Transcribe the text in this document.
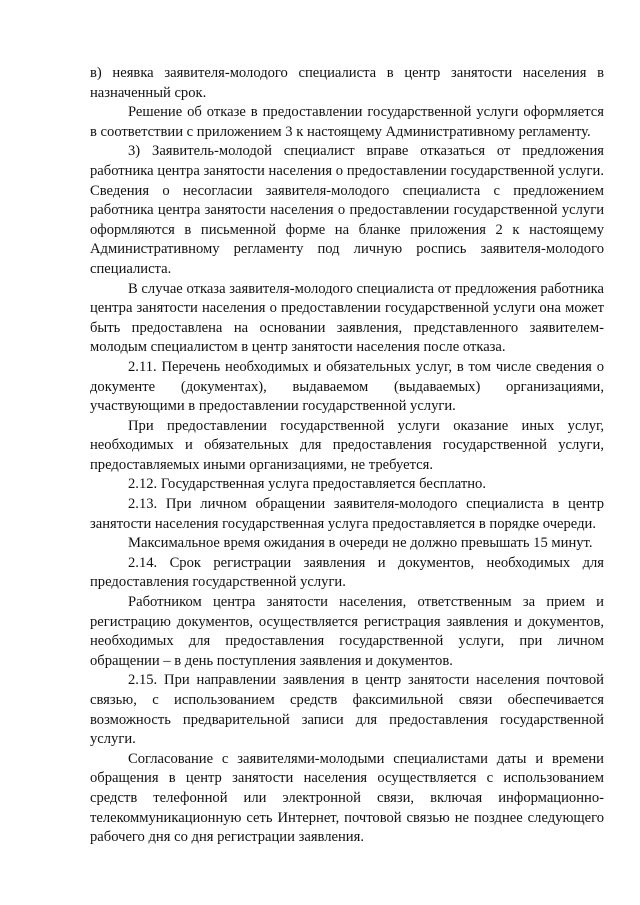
в) неявка заявителя-молодого специалиста в центр занятости населения в назначенный срок.

Решение об отказе в предоставлении государственной услуги оформляется в соответствии с приложением 3 к настоящему Административному регламенту.

3) Заявитель-молодой специалист вправе отказаться от предложения работника центра занятости населения о предоставлении государственной услуги. Сведения о несогласии заявителя-молодого специалиста с предложением работника центра занятости населения о предоставлении государственной услуги оформляются в письменной форме на бланке приложения 2 к настоящему Административному регламенту под личную роспись заявителя-молодого специалиста.

В случае отказа заявителя-молодого специалиста от предложения работника центра занятости населения о предоставлении государственной услуги она может быть предоставлена на основании заявления, представленного заявителем-молодым специалистом в центр занятости населения после отказа.

2.11. Перечень необходимых и обязательных услуг, в том числе сведения о документе (документах), выдаваемом (выдаваемых) организациями, участвующими в предоставлении государственной услуги.

При предоставлении государственной услуги оказание иных услуг, необходимых и обязательных для предоставления государственной услуги, предоставляемых иными организациями, не требуется.

2.12. Государственная услуга предоставляется бесплатно.

2.13. При личном обращении заявителя-молодого специалиста в центр занятости населения государственная услуга предоставляется в порядке очереди.

Максимальное время ожидания в очереди не должно превышать 15 минут.

2.14. Срок регистрации заявления и документов, необходимых для предоставления государственной услуги.

Работником центра занятости населения, ответственным за прием и регистрацию документов, осуществляется регистрация заявления и документов, необходимых для предоставления государственной услуги, при личном обращении – в день поступления заявления и документов.

2.15. При направлении заявления в центр занятости населения почтовой связью, с использованием средств факсимильной связи обеспечивается возможность предварительной записи для предоставления государственной услуги.

Согласование с заявителями-молодыми специалистами даты и времени обращения в центр занятости населения осуществляется с использованием средств телефонной или электронной связи, включая информационно-телекоммуникационную сеть Интернет, почтовой связью не позднее следующего рабочего дня со дня регистрации заявления.
